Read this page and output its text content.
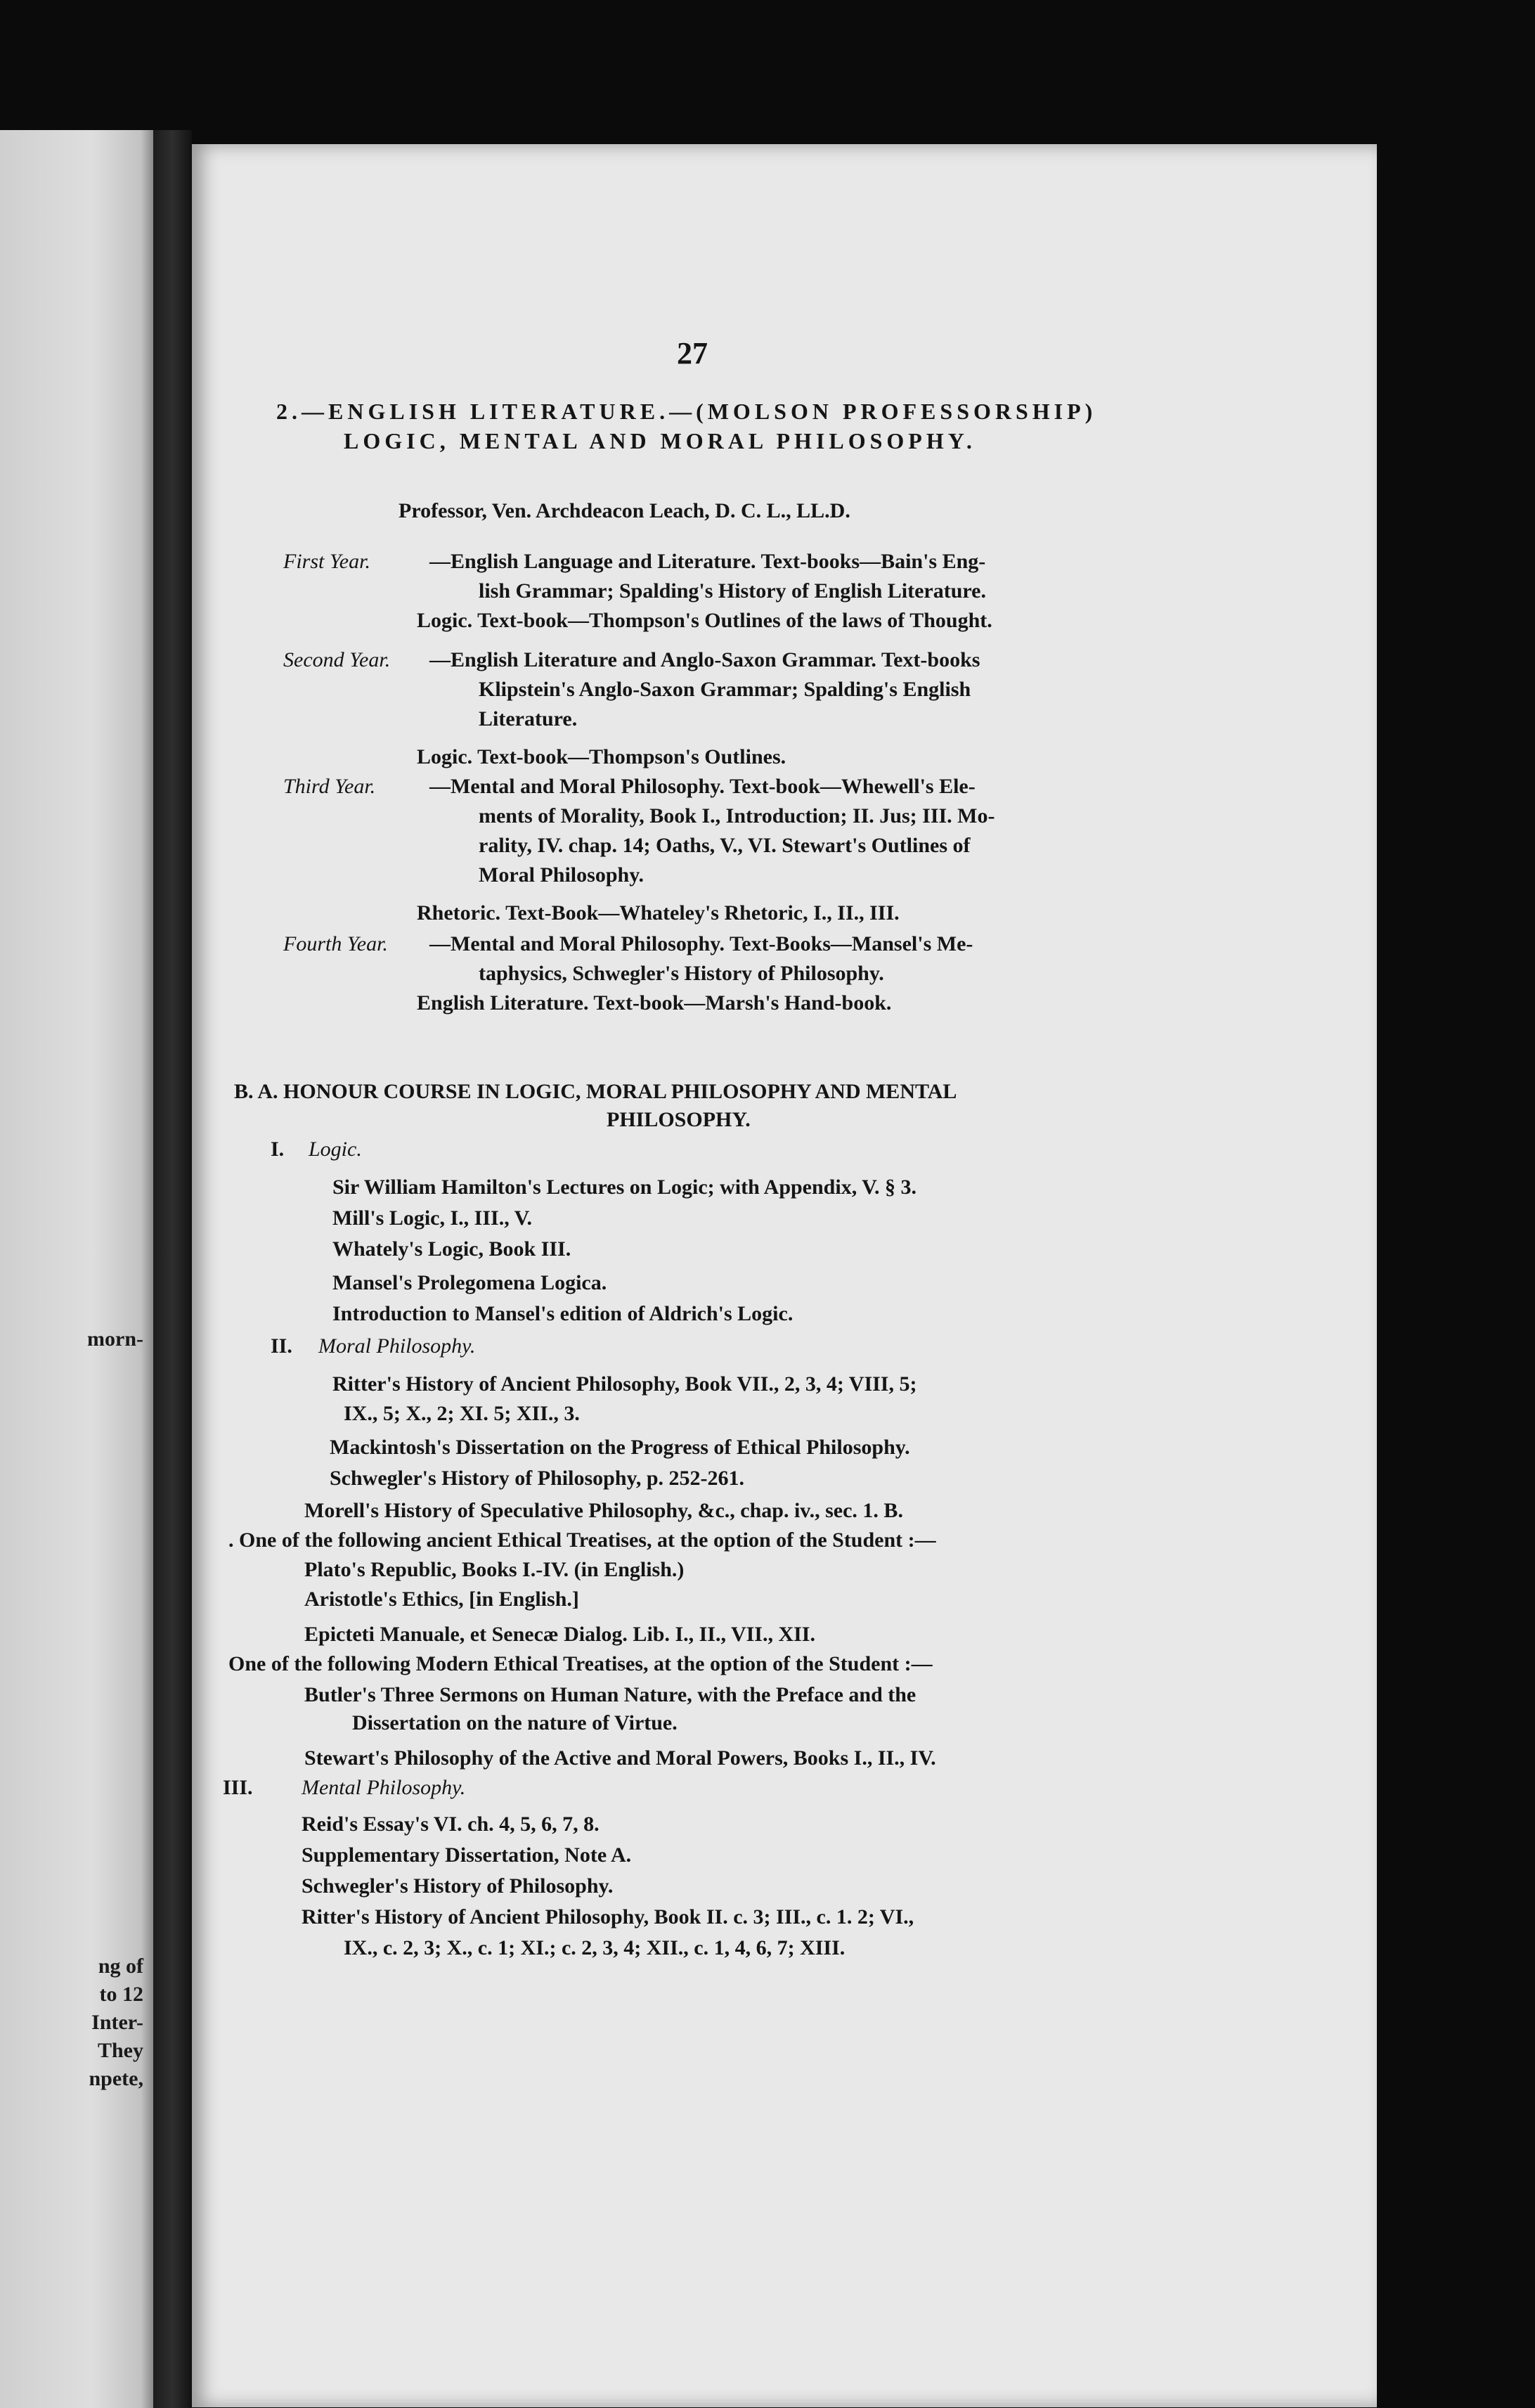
morn-
ng of
to 12
Inter-
They
npete,
27
2.—ENGLISH LITERATURE.—(MOLSON PROFESSORSHIP)
LOGIC, MENTAL AND MORAL PHILOSOPHY.
Professor, Ven. Archdeacon Leach, D. C. L., LL.D.
First Year.	—English Language and Literature. Text-books—Bain's Eng-
lish Grammar; Spalding's History of English Literature.
Logic. Text-book—Thompson's Outlines of the laws of Thought.
Second Year. —English Literature and Anglo-Saxon Grammar. Text-books
Klipstein's Anglo-Saxon Grammar; Spalding's English
Literature.
Logic. Text-book—Thompson's Outlines.
Third Year.	—Mental and Moral Philosophy. Text-book—Whewell's Ele-
ments of Morality, Book I., Introduction; II. Jus; III. Mo-
rality, IV. chap. 14; Oaths, V., VI. Stewart's Outlines of
Moral Philosophy.
Rhetoric. Text-Book—Whateley's Rhetoric, I., II., III.
Fourth Year. —Mental and Moral Philosophy. Text-Books—Mansel's Me-
taphysics, Schwegler's History of Philosophy.
English Literature. Text-book—Marsh's Hand-book.
B. A. HONOUR COURSE IN LOGIC, MORAL PHILOSOPHY AND MENTAL
PHILOSOPHY.
I. Logic.
Sir William Hamilton's Lectures on Logic; with Appendix, V. § 3.
Mill's Logic, I., III., V.
Whately's Logic, Book III.
Mansel's Prolegomena Logica.
Introduction to Mansel's edition of Aldrich's Logic.
II. Moral Philosophy.
Ritter's History of Ancient Philosophy, Book VII., 2, 3, 4; VIII, 5;
IX., 5; X., 2; XI. 5; XII., 3.
Mackintosh's Dissertation on the Progress of Ethical Philosophy.
Schwegler's History of Philosophy, p. 252-261.
Morell's History of Speculative Philosophy, &c., chap. iv., sec. 1. B.
. One of the following ancient Ethical Treatises, at the option of the Student :—
Plato's Republic, Books I.-IV. (in English.)
Aristotle's Ethics, [in English.]
Epicteti Manuale, et Senecæ Dialog. Lib. I., II., VII., XII.
One of the following Modern Ethical Treatises, at the option of the Student :—
Butler's Three Sermons on Human Nature, with the Preface and the
Dissertation on the nature of Virtue.
Stewart's Philosophy of the Active and Moral Powers, Books I., II., IV.
III. Mental Philosophy.
Reid's Essay's VI. ch. 4, 5, 6, 7, 8.
Supplementary Dissertation, Note A.
Schwegler's History of Philosophy.
Ritter's History of Ancient Philosophy, Book II. c. 3; III., c. 1. 2; VI.,
IX., c. 2, 3; X., c. 1; XI.; c. 2, 3, 4; XII., c. 1, 4, 6, 7; XIII.
